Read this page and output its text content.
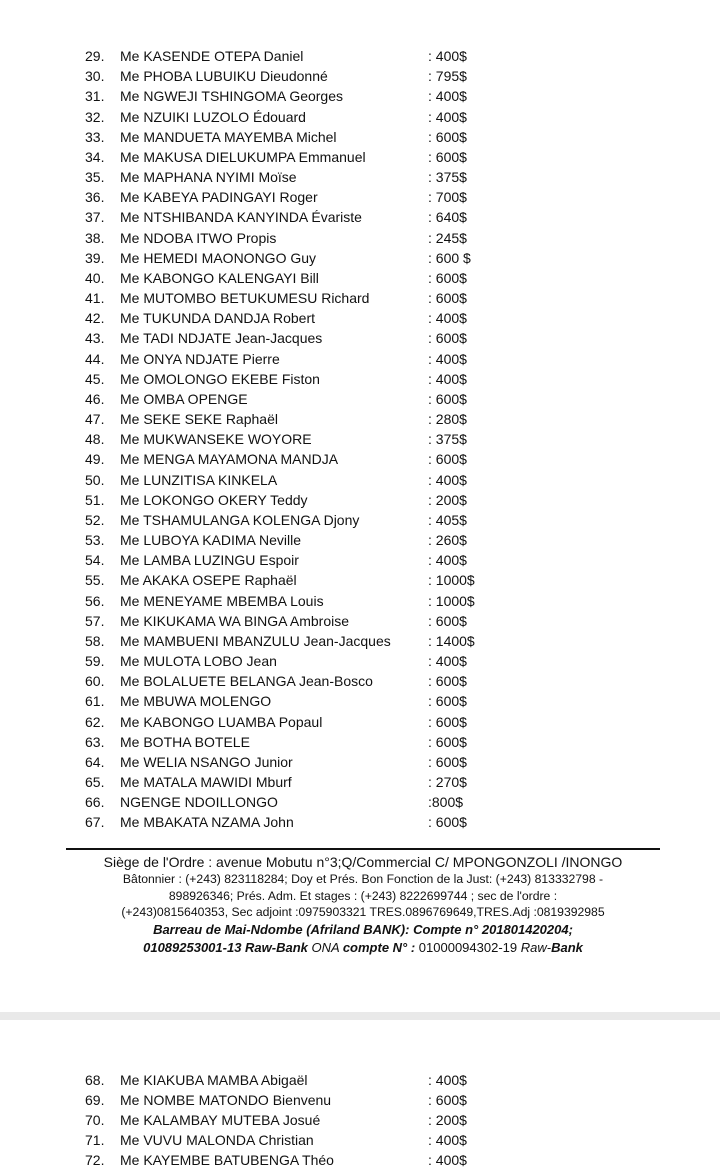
29.	Me KASENDE OTEPA Daniel	: 400$
30.	Me PHOBA LUBUIKU Dieudonné	: 795$
31.	Me NGWEJI TSHINGOMA Georges	: 400$
32.	Me NZUIKI LUZOLO Édouard	: 400$
33.	Me MANDUETA MAYEMBA Michel	: 600$
34.	Me MAKUSA DIELUKUMPA Emmanuel	: 600$
35.	Me MAPHANA NYIMI Moïse	: 375$
36.	Me KABEYA PADINGAYI Roger	: 700$
37.	Me NTSHIBANDA KANYINDA Évariste	: 640$
38.	Me NDOBA ITWO Propis	: 245$
39.	Me HEMEDI MAONONGO Guy	: 600 $
40.	Me KABONGO KALENGAYI Bill	: 600$
41.	Me MUTOMBO BETUKUMESU Richard	: 600$
42.	Me TUKUNDA DANDJA Robert	: 400$
43.	Me TADI NDJATE Jean-Jacques	: 600$
44.	Me ONYA NDJATE Pierre	: 400$
45.	Me OMOLONGO EKEBE Fiston	: 400$
46.	Me OMBA OPENGE	: 600$
47.	Me SEKE SEKE Raphaël	: 280$
48.	Me MUKWANSEKE WOYORE	: 375$
49.	Me MENGA MAYAMONA MANDJA	: 600$
50.	Me LUNZITISA KINKELA	: 400$
51.	Me LOKONGO OKERY Teddy	: 200$
52.	Me TSHAMULANGA KOLENGA Djony	: 405$
53.	Me LUBOYA KADIMA Neville	: 260$
54.	Me LAMBA LUZINGU Espoir	: 400$
55.	Me AKAKA OSEPE Raphaël	: 1000$
56.	Me MENEYAME MBEMBA Louis	: 1000$
57.	Me KIKUKAMA WA BINGA Ambroise	: 600$
58.	Me MAMBUENI MBANZULU Jean-Jacques	: 1400$
59.	Me MULOTA LOBO Jean	: 400$
60.	Me BOLALUETE BELANGA Jean-Bosco	: 600$
61.	Me MBUWA MOLENGO	: 600$
62.	Me KABONGO LUAMBA Popaul	: 600$
63.	Me BOTHA BOTELE	: 600$
64.	Me WELIA NSANGO Junior	: 600$
65.	Me MATALA MAWIDI Mburf	: 270$
66.	NGENGE NDOILLONGO	:800$
67.	Me MBAKATA NZAMA John	: 600$
Siège de l'Ordre : avenue Mobutu n°3;Q/Commercial C/ MPONGONZOLI /INONGO
Bâtonnier : (+243) 823118284; Doy et Prés. Bon Fonction de la Just: (+243) 813332798 -
898926346; Prés. Adm. Et stages : (+243) 8222699744 ; sec de l'ordre :
(+243)0815640353, Sec adjoint :0975903321 TRES.0896769649,TRES.Adj :0819392985
Barreau de Mai-Ndombe (Afriland BANK): Compte n° 201801420204;
01089253001-13 Raw-Bank ONA compte N° : 01000094302-19 Raw-Bank
68.	Me KIAKUBA MAMBA Abigaël	: 400$
69.	Me NOMBE MATONDO Bienvenu	: 600$
70.	Me KALAMBAY MUTEBA Josué	: 200$
71.	Me VUVU MALONDA Christian	: 400$
72.	Me KAYEMBE BATUBENGA Théo	: 400$
